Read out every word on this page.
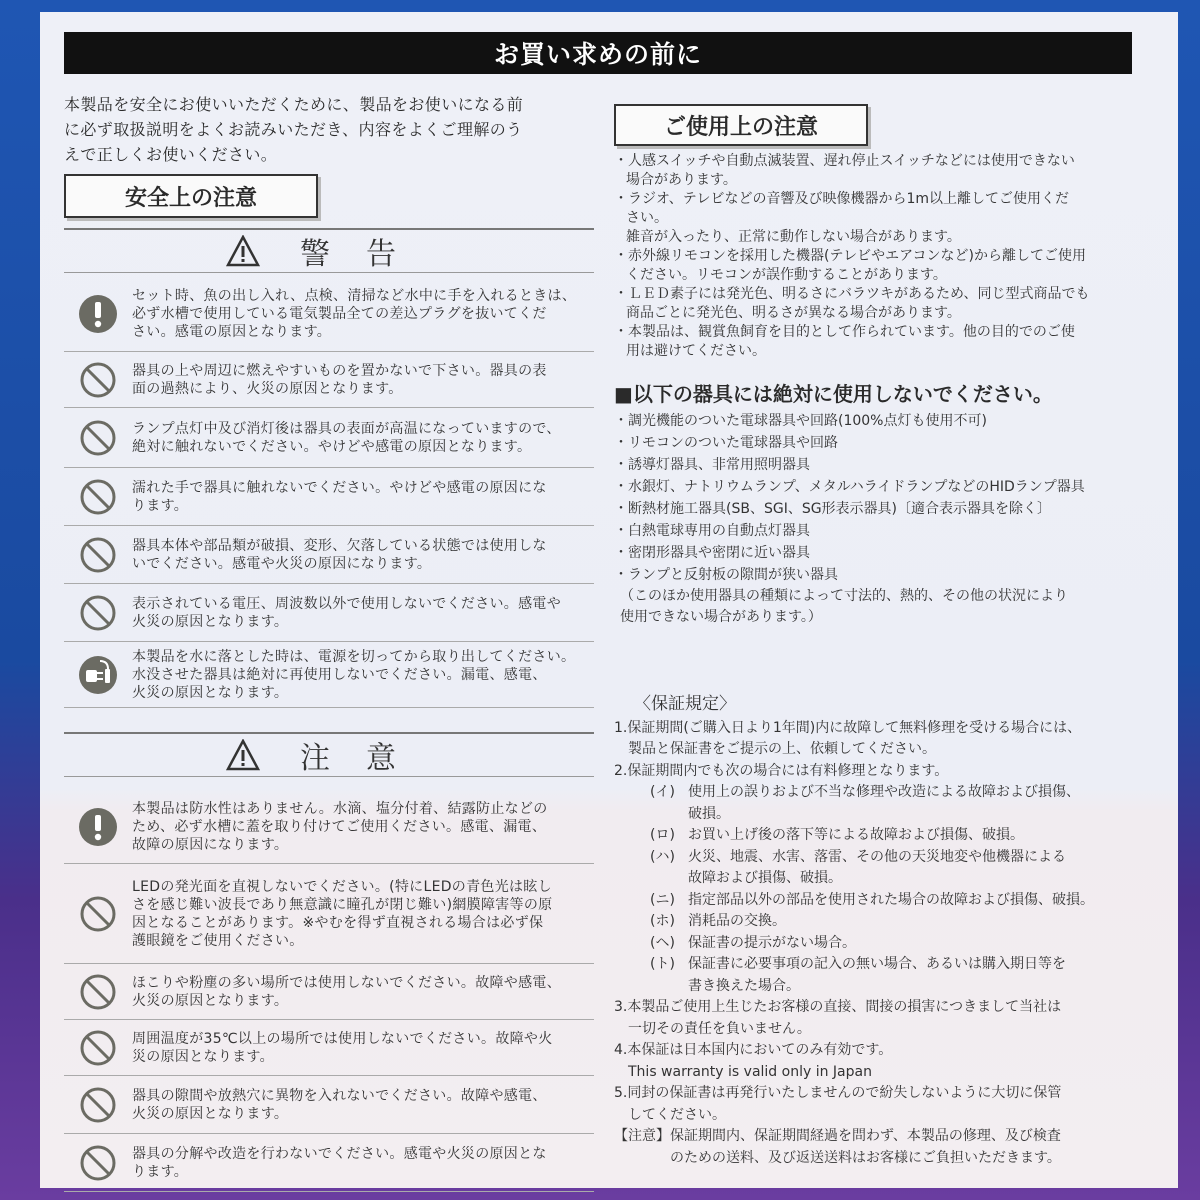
お買い求めの前に
本製品を安全にお使いいただくために、製品をお使いになる前
に必ず取扱説明をよくお読みいただき、内容をよくご理解のう
えで正しくお使いください。
安全上の注意
ご使用上の注意
警告
セット時、魚の出し入れ、点検、清掃など水中に手を入れるときは、
必ず水槽で使用している電気製品全ての差込プラグを抜いてくだ
さい。感電の原因となります。
器具の上や周辺に燃えやすいものを置かないで下さい。器具の表
面の過熱により、火災の原因となります。
ランプ点灯中及び消灯後は器具の表面が高温になっていますので、
絶対に触れないでください。やけどや感電の原因となります。
濡れた手で器具に触れないでください。やけどや感電の原因にな
ります。
器具本体や部品類が破損、変形、欠落している状態では使用しな
いでください。感電や火災の原因になります。
表示されている電圧、周波数以外で使用しないでください。感電や
火災の原因となります。
本製品を水に落とした時は、電源を切ってから取り出してください。
水没させた器具は絶対に再使用しないでください。漏電、感電、
火災の原因となります。
注意
本製品は防水性はありません。水滴、塩分付着、結露防止などの
ため、必ず水槽に蓋を取り付けてご使用ください。感電、漏電、
故障の原因になります。
LEDの発光面を直視しないでください。(特にLEDの青色光は眩し
さを感じ難い波長であり無意識に瞳孔が閉じ難い)網膜障害等の原
因となることがあります。※やむを得ず直視される場合は必ず保
護眼鏡をご使用ください。
ほこりや粉塵の多い場所では使用しないでください。故障や感電、
火災の原因となります。
周囲温度が35℃以上の場所では使用しないでください。故障や火
災の原因となります。
器具の隙間や放熱穴に異物を入れないでください。故障や感電、
火災の原因となります。
器具の分解や改造を行わないでください。感電や火災の原因とな
ります。
・人感スイッチや自動点滅装置、遅れ停止スイッチなどには使用できない
場合があります。
・ラジオ、テレビなどの音響及び映像機器から1m以上離してご使用くだ
さい。
雑音が入ったり、正常に動作しない場合があります。
・赤外線リモコンを採用した機器(テレビやエアコンなど)から離してご使用
ください。リモコンが誤作動することがあります。
・ＬＥＤ素子には発光色、明るさにバラツキがあるため、同じ型式商品でも
商品ごとに発光色、明るさが異なる場合があります。
・本製品は、観賞魚飼育を目的として作られています。他の目的でのご使
用は避けてください。
■以下の器具には絶対に使用しないでください。
・調光機能のついた電球器具や回路(100%点灯も使用不可)
・リモコンのついた電球器具や回路
・誘導灯器具、非常用照明器具
・水銀灯、ナトリウムランプ、メタルハライドランプなどのHIDランプ器具
・断熱材施工器具(SB、SGI、SG形表示器具)〔適合表示器具を除く〕
・白熱電球専用の自動点灯器具
・密閉形器具や密閉に近い器具
・ランプと反射板の隙間が狭い器具
（このほか使用器具の種類によって寸法的、熱的、その他の状況により
使用できない場合があります。）
〈保証規定〉
1.保証期間(ご購入日より1年間)内に故障して無料修理を受ける場合には、
製品と保証書をご提示の上、依頼してください。
2.保証期間内でも次の場合には有料修理となります。
(イ) 使用上の誤りおよび不当な修理や改造による故障および損傷、
破損。
(ロ) お買い上げ後の落下等による故障および損傷、破損。
(ハ) 火災、地震、水害、落雷、その他の天災地変や他機器による
故障および損傷、破損。
(ニ) 指定部品以外の部品を使用された場合の故障および損傷、破損。
(ホ) 消耗品の交換。
(ヘ) 保証書の提示がない場合。
(ト) 保証書に必要事項の記入の無い場合、あるいは購入期日等を
書き換えた場合。
3.本製品ご使用上生じたお客様の直接、間接の損害につきまして当社は
一切その責任を負いません。
4.本保証は日本国内においてのみ有効です。
This warranty is valid only in Japan
5.同封の保証書は再発行いたしませんので紛失しないように大切に保管
してください。
【注意】 保証期間内、保証期間経過を問わず、本製品の修理、及び検査
のための送料、及び返送送料はお客様にご負担いただきます。
